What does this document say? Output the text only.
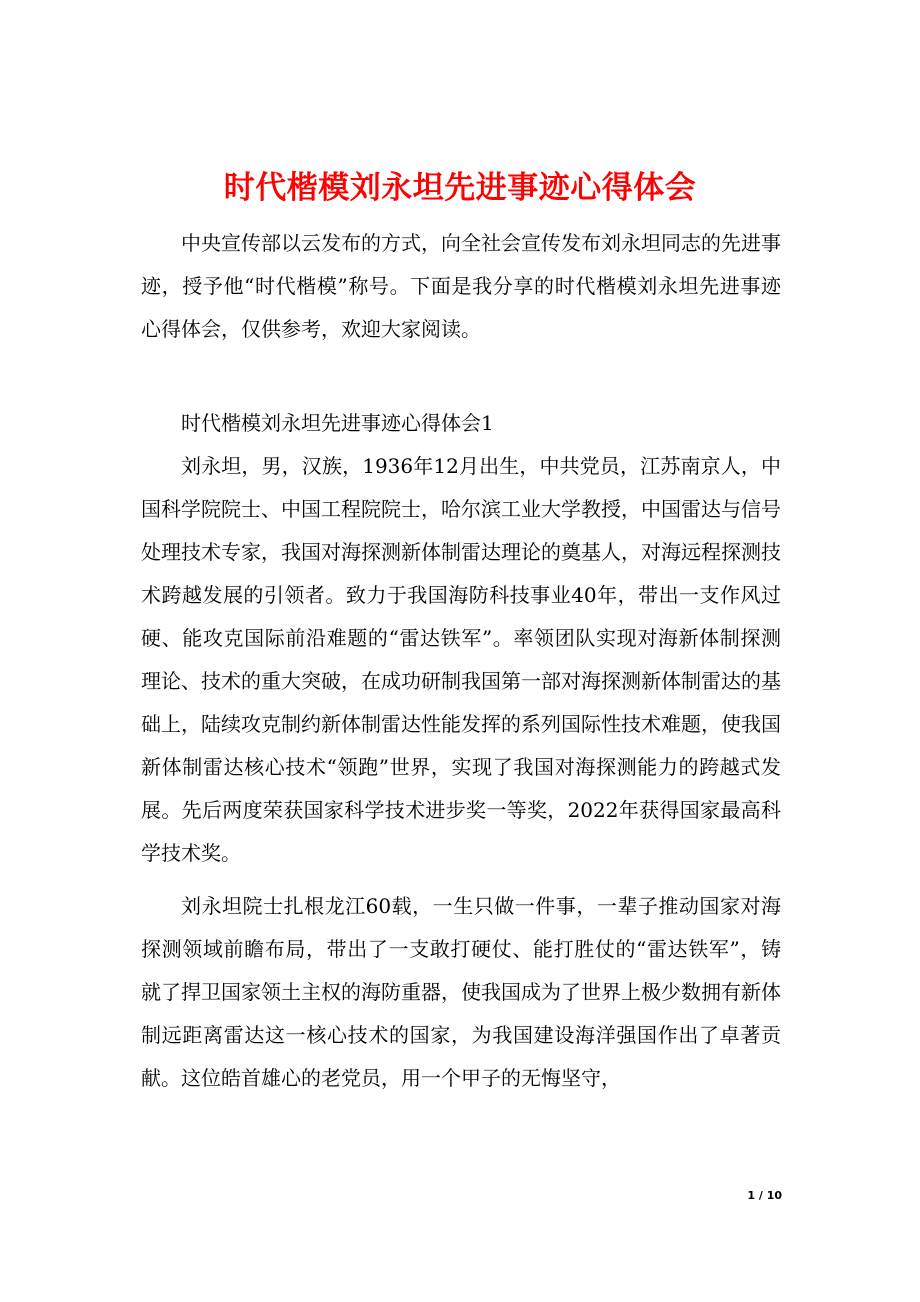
时代楷模刘永坦先进事迹心得体会

中央宣传部以云发布的方式，向全社会宣传发布刘永坦同志的先进事迹，授予他“时代楷模”称号。下面是我分享的时代楷模刘永坦先进事迹心得体会，仅供参考，欢迎大家阅读。

时代楷模刘永坦先进事迹心得体会1

刘永坦，男，汉族，1936年12月出生，中共党员，江苏南京人，中国科学院院士、中国工程院院士，哈尔滨工业大学教授，中国雷达与信号处理技术专家，我国对海探测新体制雷达理论的奠基人，对海远程探测技术跨越发展的引领者。致力于我国海防科技事业40年，带出一支作风过硬、能攻克国际前沿难题的“雷达铁军”。率领团队实现对海新体制探测理论、技术的重大突破，在成功研制我国第一部对海探测新体制雷达的基础上，陆续攻克制约新体制雷达性能发挥的系列国际性技术难题，使我国新体制雷达核心技术“领跑”世界，实现了我国对海探测能力的跨越式发展。先后两度荣获国家科学技术进步奖一等奖，2022年获得国家最高科学技术奖。

刘永坦院士扎根龙江60载，一生只做一件事，一辈子推动国家对海探测领域前瞻布局，带出了一支敢打硬仗、能打胜仗的“雷达铁军”，铸就了捍卫国家领土主权的海防重器，使我国成为了世界上极少数拥有新体制远距离雷达这一核心技术的国家，为我国建设海洋强国作出了卓著贡献。这位皓首雄心的老党员，用一个甲子的无悔坚守，

1 / 10
